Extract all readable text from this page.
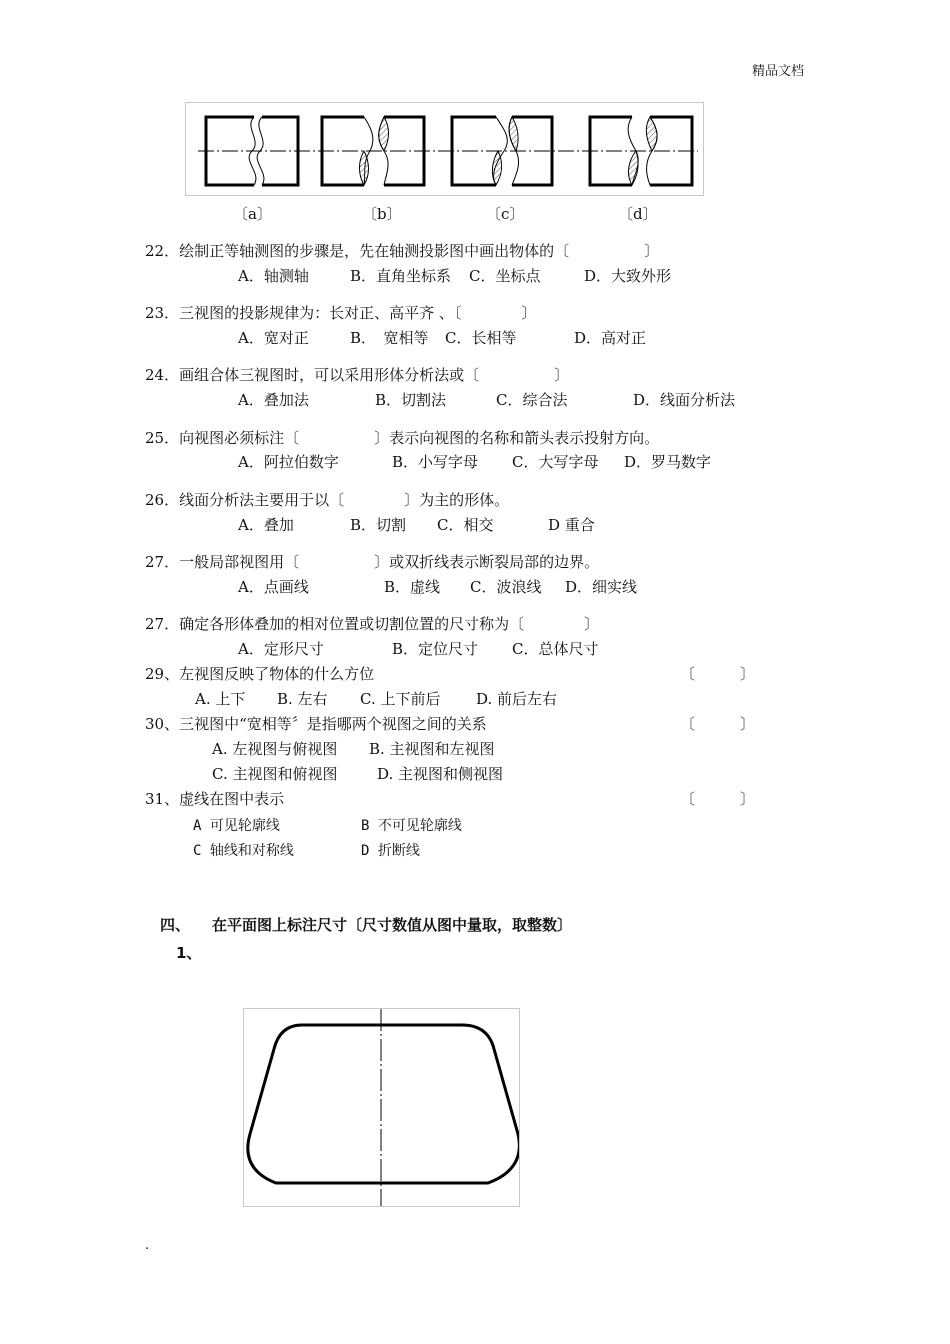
精品文档
〔a〕	〔b〕	〔c〕	〔d〕
22．绘制正等轴测图的步骤是，先在轴测投影图中画出物体的〔　　　　　〕
A．轴测轴	B．直角坐标系 C．坐标点	D．大致外形
23．三视图的投影规律为：长对正、高平齐 、〔　　　　〕
A．宽对正	B．　宽相等 C．长相等	D．高对正
24．画组合体三视图时，可以采用形体分析法或〔　　　　　〕
A．叠加法	B．切割法	C．综合法	D．线面分析法
25．向视图必须标注〔　　　　　〕表示向视图的名称和箭头表示投射方向。
A．阿拉伯数字	B．小写字母 C．大写字母 D．罗马数字
26．线面分析法主要用于以〔　　　　〕为主的形体。
A．叠加	B．切割 C．相交	D 重合
27．一般局部视图用〔　　　　　〕或双折线表示断裂局部的边界。
A．点画线	B．虚线 C．波浪线 D．细实线
27．确定各形体叠加的相对位置或切割位置的尺寸称为〔　　　　〕
A．定形尺寸	B．定位尺寸 C．总体尺寸
29、左视图反映了物体的什么方位	〔　　　〕
A. 上下 B. 左右 C. 上下前后 D. 前后左右
30、三视图中“宽相等〞是指哪两个视图之间的关系	〔　　　〕
A. 左视图与俯视图 B. 主视图和左视图
C. 主视图和俯视图	D. 主视图和侧视图
31、虚线在图中表示	〔　　　〕
A 可见轮廓线	B 不可见轮廓线
C 轴线和对称线	D 折断线
四、 在平面图上标注尺寸〔尺寸数值从图中量取，取整数〕
1、
.
